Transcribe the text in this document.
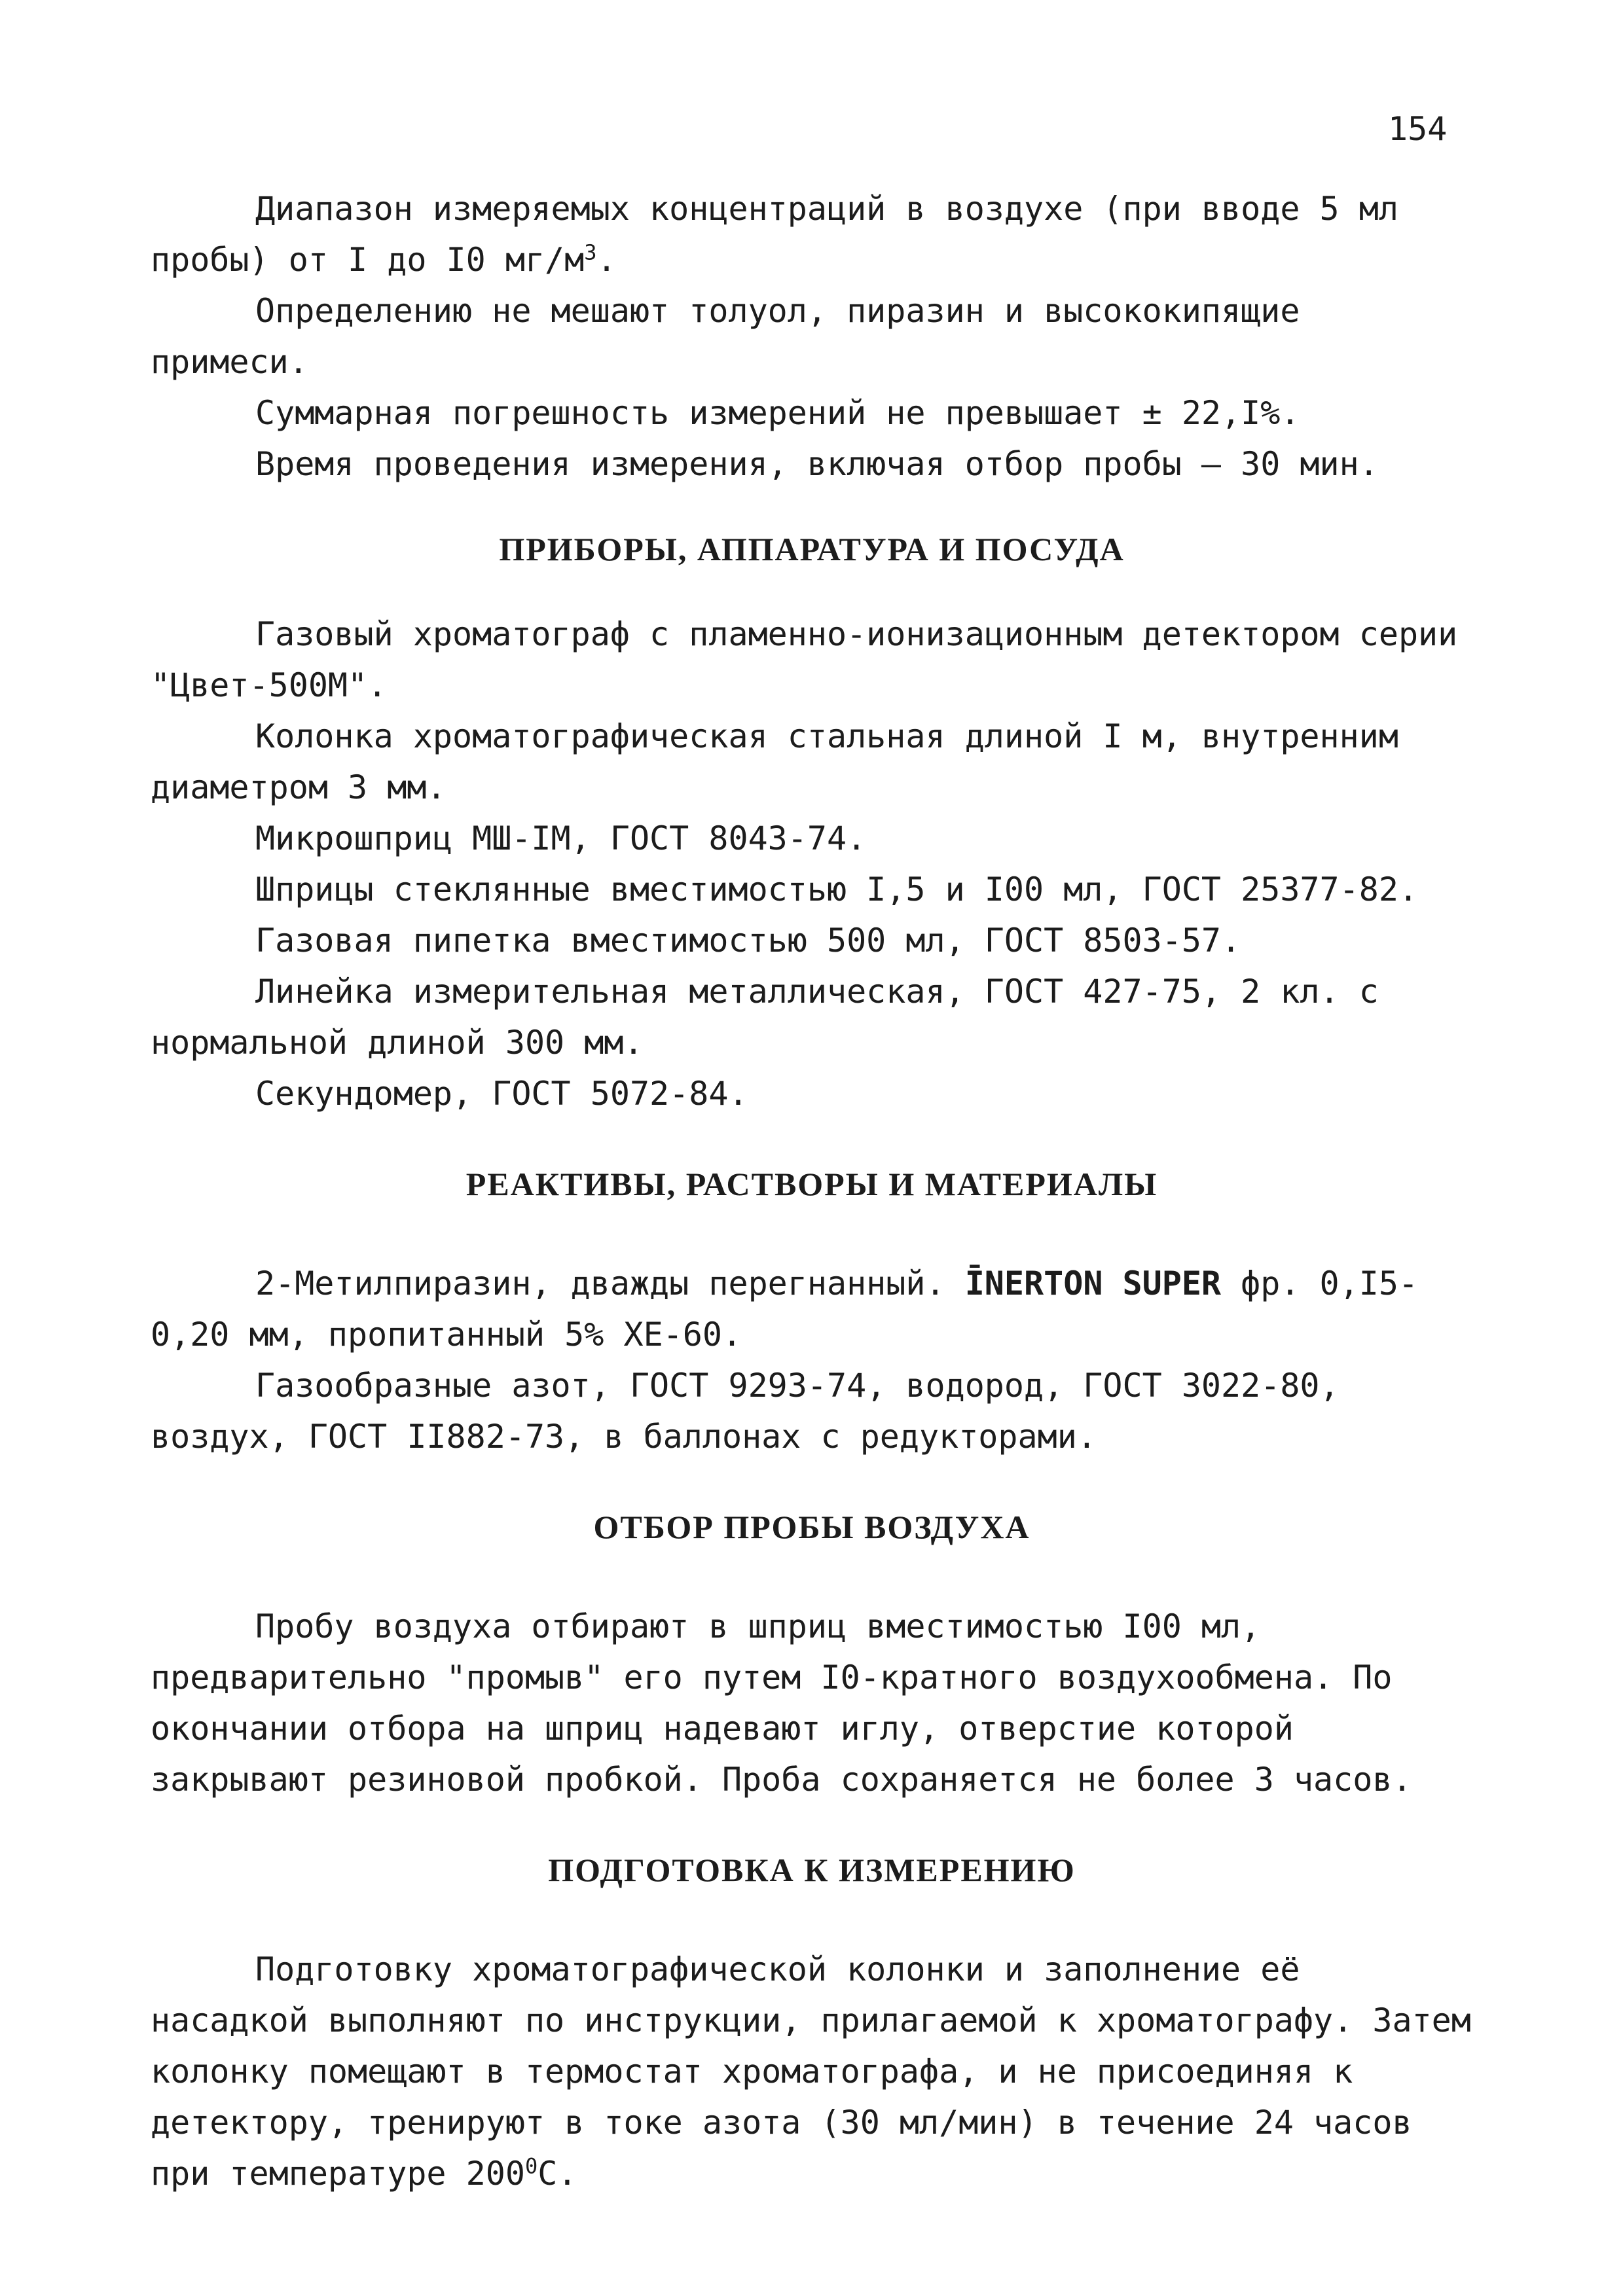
154

Диапазон измеряемых концентраций в воздухе (при вводе 5 мл пробы) от I до I0 $мг/м^3$.

Определению не мешают толуол, пиразин и высококипящие примеси.

Суммарная погрешность измерений не превышает ± 22,I%.

Время проведения измерения, включая отбор пробы – 30 мин.

ПРИБОРЫ, АППАРАТУРА И ПОСУДА

Газовый хроматограф с пламенно-ионизационным детектором серии "Цвет-500М".

Колонка хроматографическая стальная длиной I м, внутренним диаметром 3 мм.

Микрошприц МШ-IМ, ГОСТ 8043-74.

Шприцы стеклянные вместимостью I,5 и I00 мл, ГОСТ 25377-82.

Газовая пипетка вместимостью 500 мл, ГОСТ 8503-57.

Линейка измерительная металлическая, ГОСТ 427-75, 2 кл. с нормальной длиной 300 мм.

Секундомер, ГОСТ 5072-84.

РЕАКТИВЫ, РАСТВОРЫ И МАТЕРИАЛЫ

2-Метилпиразин, дважды перегнанный. ĪNERTON SUPER фр. 0,I5-0,20 мм, пропитанный 5% ХЕ-60.

Газообразные азот, ГОСТ 9293-74, водород, ГОСТ 3022-80, воздух, ГОСТ II882-73, в баллонах с редукторами.

ОТБОР ПРОБЫ ВОЗДУХА

Пробу воздуха отбирают в шприц вместимостью I00 мл, предварительно "промыв" его путем I0-кратного воздухообмена. По окончании отбора на шприц надевают иглу, отверстие которой закрывают резиновой пробкой. Проба сохраняется не более 3 часов.

ПОДГОТОВКА К ИЗМЕРЕНИЮ

Подготовку хроматографической колонки и заполнение её насадкой выполняют по инструкции, прилагаемой к хроматографу. Затем колонку помещают в термостат хроматографа, и не присоединяя к детектору, тренируют в токе азота (30 мл/мин) в течение 24 часов при температуре $200^0С$.
